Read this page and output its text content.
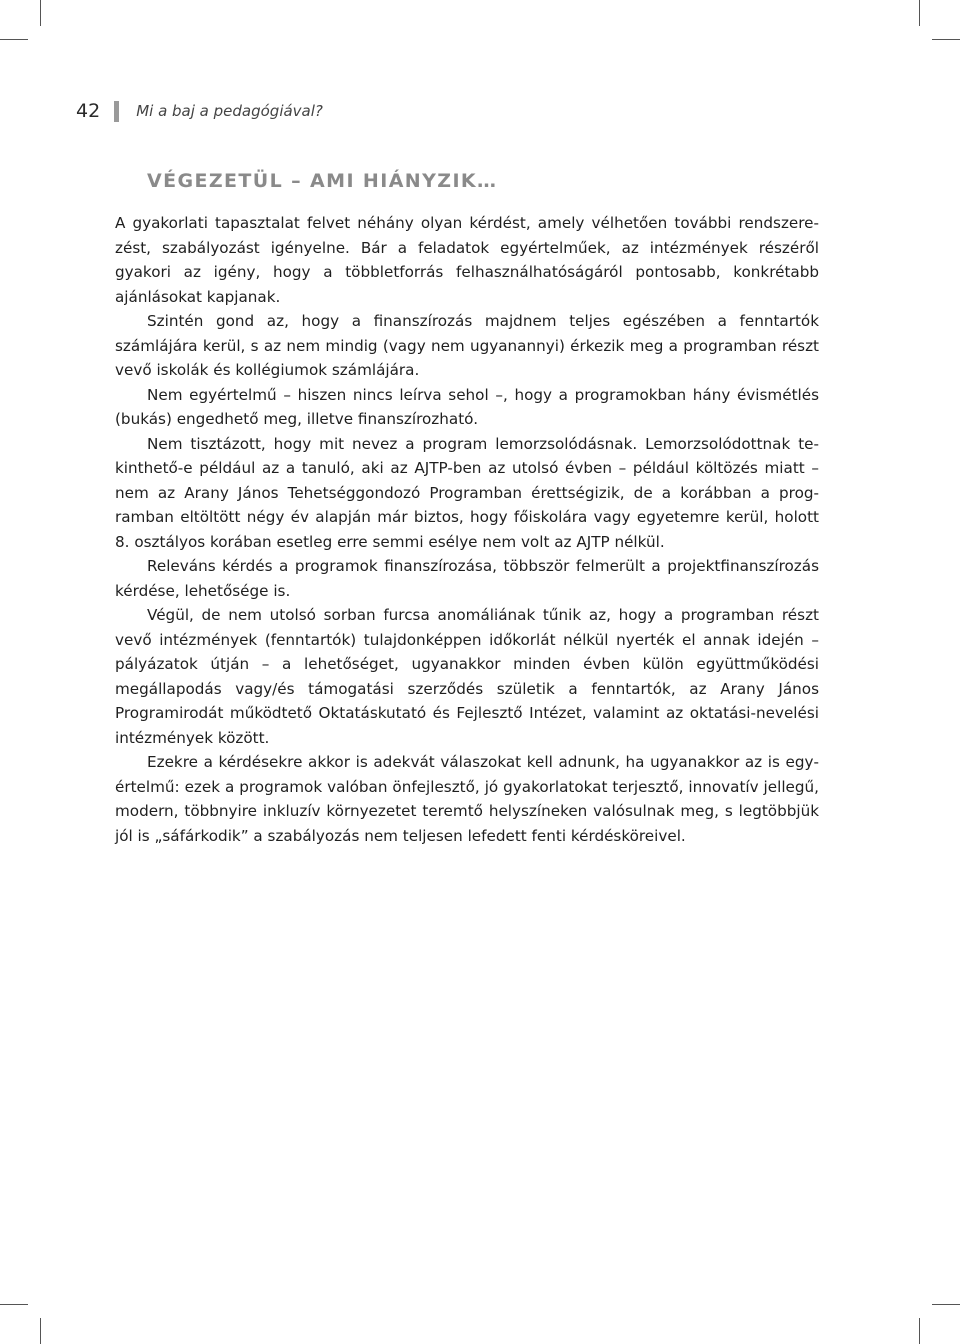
42 Mi a baj a pedagógiával?
VÉGEZETÜL – AMI HIÁNYZIK…

A gyakorlati tapasztalat felvet néhány olyan kérdést, amely vélhetően további rendszerezést, szabályozást igényelne. Bár a feladatok egyértelműek, az intézmények részéről gyakori az igény, hogy a többletforrás felhasználhatóságáról pontosabb, konkrétabb ajánlásokat kapjanak.

Szintén gond az, hogy a finanszírozás majdnem teljes egészében a fenntartók számlájára kerül, s az nem mindig (vagy nem ugyanannyi) érkezik meg a programban részt vevő iskolák és kollégiumok számlájára.

Nem egyértelmű – hiszen nincs leírva sehol –, hogy a programokban hány évismétlés (bukás) engedhető meg, illetve finanszírozható.

Nem tisztázott, hogy mit nevez a program lemorzsolódásnak. Lemorzsolódottnak tekinthető-e például az a tanuló, aki az AJTP-ben az utolsó évben – például költözés miatt – nem az Arany János Tehetséggondozó Programban érettségizik, de a korábban a programban eltöltött négy év alapján már biztos, hogy főiskolára vagy egyetemre kerül, holott 8. osztályos korában esetleg erre semmi esélye nem volt az AJTP nélkül.

Releváns kérdés a programok finanszírozása, többször felmerült a projektfinanszírozás kérdése, lehetősége is.

Végül, de nem utolsó sorban furcsa anomáliának tűnik az, hogy a programban részt vevő intézmények (fenntartók) tulajdonképpen időkorlát nélkül nyerték el annak idején – pályázatok útján – a lehetőséget, ugyanakkor minden évben külön együttműködési megállapodás vagy/és támogatási szerződés születik a fenntartók, az Arany János Programirodát működtető Oktatáskutató és Fejlesztő Intézet, valamint az oktatási-nevelési intézmények között.

Ezekre a kérdésekre akkor is adekvát válaszokat kell adnunk, ha ugyanakkor az is egyértelmű: ezek a programok valóban önfejlesztő, jó gyakorlatokat terjesztő, innovatív jellegű, modern, többnyire inkluzív környezetet teremtő helyszíneken valósulnak meg, s legtöbbjük jól is „sáfárkodik” a szabályozás nem teljesen lefedett fenti kérdésköreivel.
